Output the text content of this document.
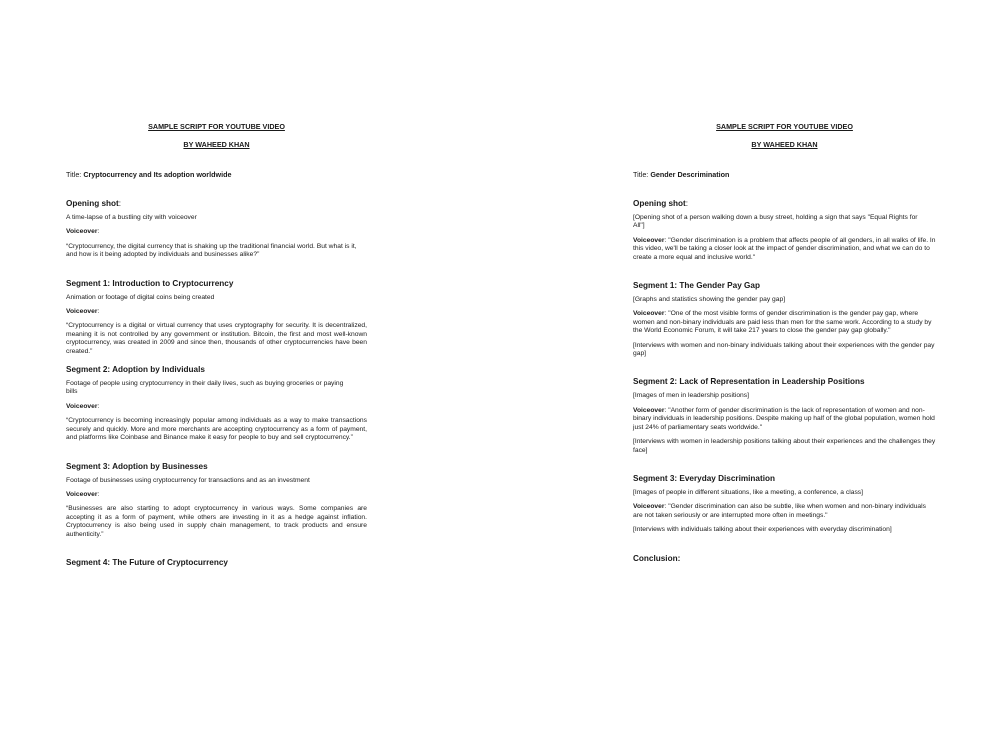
SAMPLE SCRIPT FOR YOUTUBE VIDEO
BY WAHEED KHAN
Title: Cryptocurrency and Its adoption worldwide
Opening shot:

A time-lapse of a bustling city with voiceover

Voiceover:

“Cryptocurrency, the digital currency that is shaking up the traditional financial world. But what is it, and how is it being adopted by individuals and businesses alike?”

Segment 1: Introduction to Cryptocurrency

Animation or footage of digital coins being created

Voiceover:

“Cryptocurrency is a digital or virtual currency that uses cryptography for security. It is decentralized, meaning it is not controlled by any government or institution. Bitcoin, the first and most well-known cryptocurrency, was created in 2009 and since then, thousands of other cryptocurrencies have been created.”

Segment 2: Adoption by Individuals

Footage of people using cryptocurrency in their daily lives, such as buying groceries or paying bills

Voiceover:

“Cryptocurrency is becoming increasingly popular among individuals as a way to make transactions securely and quickly. More and more merchants are accepting cryptocurrency as a form of payment, and platforms like Coinbase and Binance make it easy for people to buy and sell cryptocurrency.”

Segment 3: Adoption by Businesses

Footage of businesses using cryptocurrency for transactions and as an investment

Voiceover:

“Businesses are also starting to adopt cryptocurrency in various ways. Some companies are accepting it as a form of payment, while others are investing in it as a hedge against inflation. Cryptocurrency is also being used in supply chain management, to track products and ensure authenticity.”

Segment 4: The Future of Cryptocurrency
SAMPLE SCRIPT FOR YOUTUBE VIDEO
BY WAHEED KHAN
Title: Gender Descrimination
Opening shot:

[Opening shot of a person walking down a busy street, holding a sign that says "Equal Rights for All"]

Voiceover: "Gender discrimination is a problem that affects people of all genders, in all walks of life. In this video, we'll be taking a closer look at the impact of gender discrimination, and what we can do to create a more equal and inclusive world."

Segment 1: The Gender Pay Gap

[Graphs and statistics showing the gender pay gap]

Voiceover: "One of the most visible forms of gender discrimination is the gender pay gap, where women and non-binary individuals are paid less than men for the same work. According to a study by the World Economic Forum, it will take 217 years to close the gender pay gap globally."

[Interviews with women and non-binary individuals talking about their experiences with the gender pay gap]

Segment 2: Lack of Representation in Leadership Positions

[Images of men in leadership positions]

Voiceover: "Another form of gender discrimination is the lack of representation of women and non-binary individuals in leadership positions. Despite making up half of the global population, women hold just 24% of parliamentary seats worldwide."

[Interviews with women in leadership positions talking about their experiences and the challenges they face]

Segment 3: Everyday Discrimination

[Images of people in different situations, like a meeting, a conference, a class]

Voiceover: "Gender discrimination can also be subtle, like when women and non-binary individuals are not taken seriously or are interrupted more often in meetings."

[Interviews with individuals talking about their experiences with everyday discrimination]

Conclusion:
